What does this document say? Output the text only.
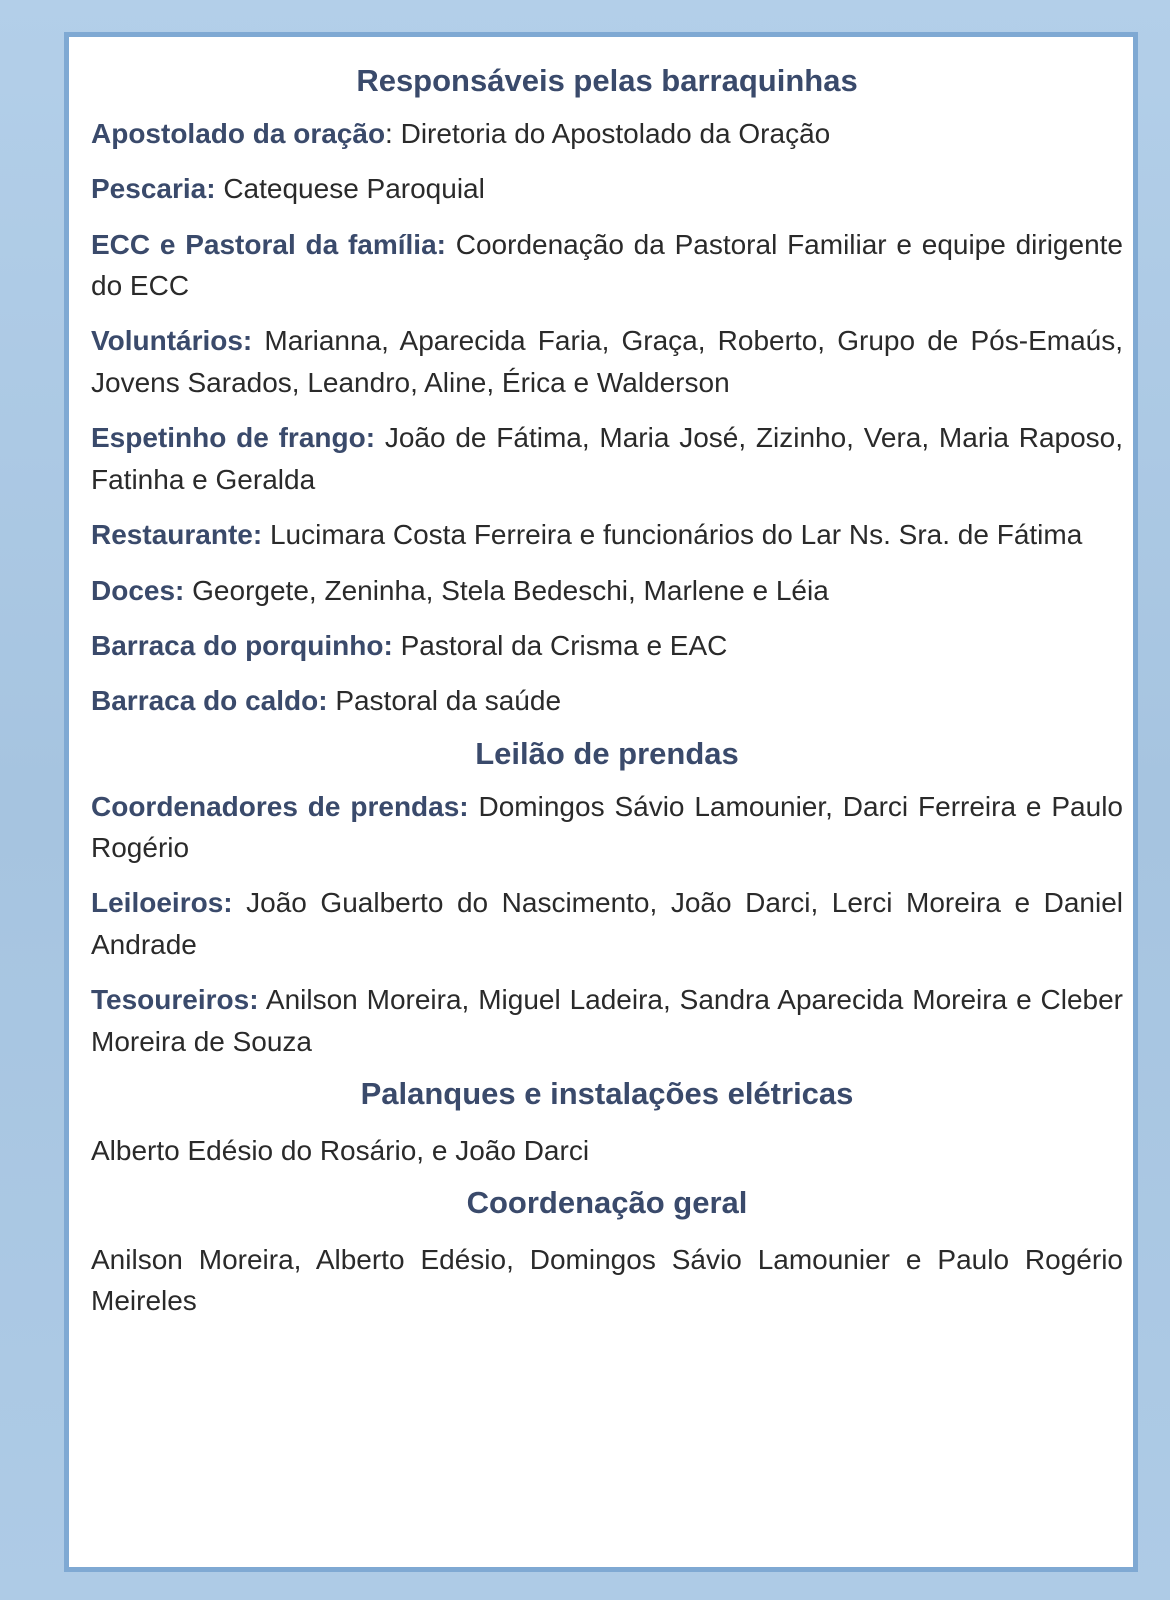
Responsáveis pelas barraquinhas

Apostolado da oração: Diretoria do Apostolado da Oração

Pescaria: Catequese Paroquial

ECC e Pastoral da família: Coordenação da Pastoral Familiar e equipe dirigente do ECC

Voluntários: Marianna, Aparecida Faria, Graça, Roberto, Grupo de Pós-Emaús, Jovens Sarados, Leandro, Aline, Érica e Walderson

Espetinho de frango: João de Fátima, Maria José, Zizinho, Vera, Maria Raposo, Fatinha e Geralda

Restaurante: Lucimara Costa Ferreira e funcionários do Lar Ns. Sra. de Fátima

Doces: Georgete, Zeninha, Stela Bedeschi, Marlene e Léia

Barraca do porquinho: Pastoral da Crisma e EAC

Barraca do caldo: Pastoral da saúde

Leilão de prendas

Coordenadores de prendas: Domingos Sávio Lamounier, Darci Ferreira e Paulo Rogério

Leiloeiros: João Gualberto do Nascimento, João Darci, Lerci Moreira e Daniel Andrade

Tesoureiros: Anilson Moreira, Miguel Ladeira, Sandra Aparecida Moreira e Cleber Moreira de Souza

Palanques e instalações elétricas

Alberto Edésio do Rosário, e João Darci

Coordenação geral

Anilson Moreira, Alberto Edésio, Domingos Sávio Lamounier e Paulo Rogério Meireles
